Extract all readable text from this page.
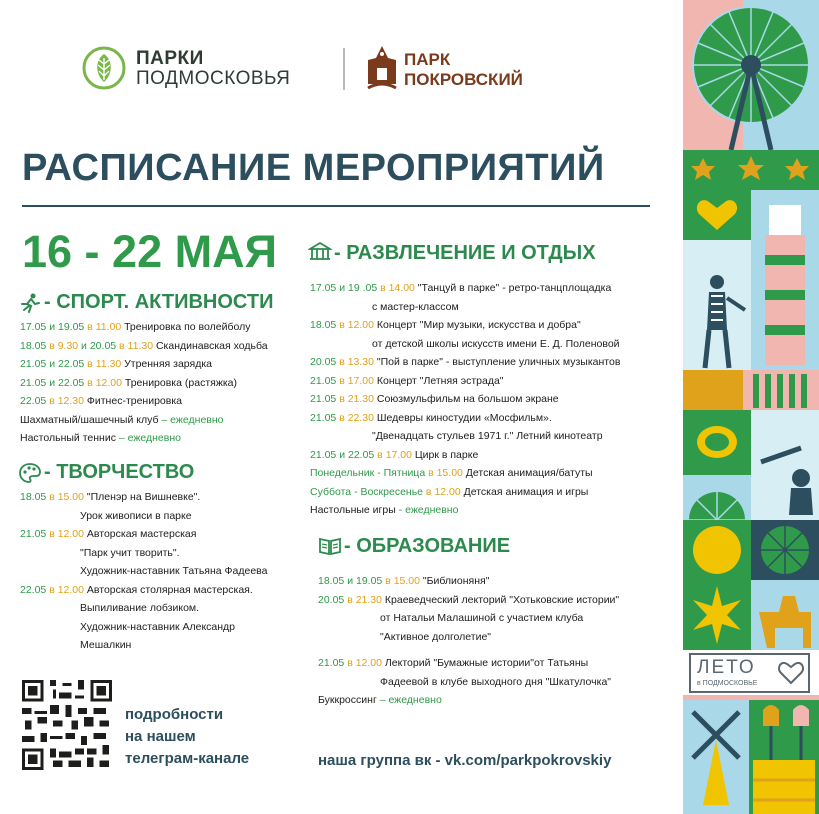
ПАРКИ
ПОДМОСКОВЬЯ
ПАРК
ПОКРОВСКИЙ
РАСПИСАНИЕ МЕРОПРИЯТИЙ
16 - 22 МАЯ
- СПОРТ. АКТИВНОСТИ

17.05 и 19.05 в 11.00 Тренировка по волейболу

18.05 в 9.30 и 20.05 в 11.30 Скандинавская ходьба

21.05 и 22.05 в 11.30 Утренняя зарядка

21.05 и 22.05 в 12.00 Тренировка (растяжка)

22.05 в 12.30 Фитнес-тренировка

Шахматный/шашечный клуб – ежедневно

Настольный теннис – ежедневно

- ТВОРЧЕСТВО

18.05 в 15.00 "Пленэр на Вишневке".

Урок живописи в парке

21.05 в 12.00 Авторская мастерская

"Парк учит творить".

Художник-наставник Татьяна Фадеева

22.05 в 12.00 Авторская столярная мастерская.

Выпиливание лобзиком.

Художник-наставник Александр

Мешалкин

- РАЗВЛЕЧЕНИЕ И ОТДЫХ

17.05 и 19 .05 в 14.00 "Танцуй в парке" - ретро-танцплощадка

с мастер-классом

18.05 в 12.00 Концерт "Мир музыки, искусства и добра"

от детской школы искусств имени Е. Д. Поленовой

20.05 в 13.30 "Пой в парке" - выступление уличных музыкантов

21.05 в 17.00 Концерт "Летняя эстрада"

21.05 в 21.30 Союзмульфильм на большом экране

21.05 в 22.30 Шедевры киностудии «Мосфильм».

"Двенадцать стульев 1971 г." Летний кинотеатр

21.05 и 22.05 в 17.00 Цирк в парке

Понедельник - Пятница в 15.00 Детская анимация/батуты

Суббота - Воскресенье в 12.00 Детская анимация и игры

Настольные игры - ежедневно

- ОБРАЗОВАНИЕ

18.05 и 19.05 в 15.00 "Библионяня"

20.05 в 21.30 Краеведческий лекторий "Хотьковские истории"

от Натальи Малашиной с участием клуба

"Активное долголетие"

21.05 в 12.00 Лекторий "Бумажные истории"от Татьяны

Фадеевой в клубе выходного дня "Шкатулочка"

Буккроссинг – ежедневно

подробности
на нашем
телеграм-канале	наша группа вк - vk.com/parkpokrovskiy
ЛЕТО
в ПОДМОСКОВЬЕ
